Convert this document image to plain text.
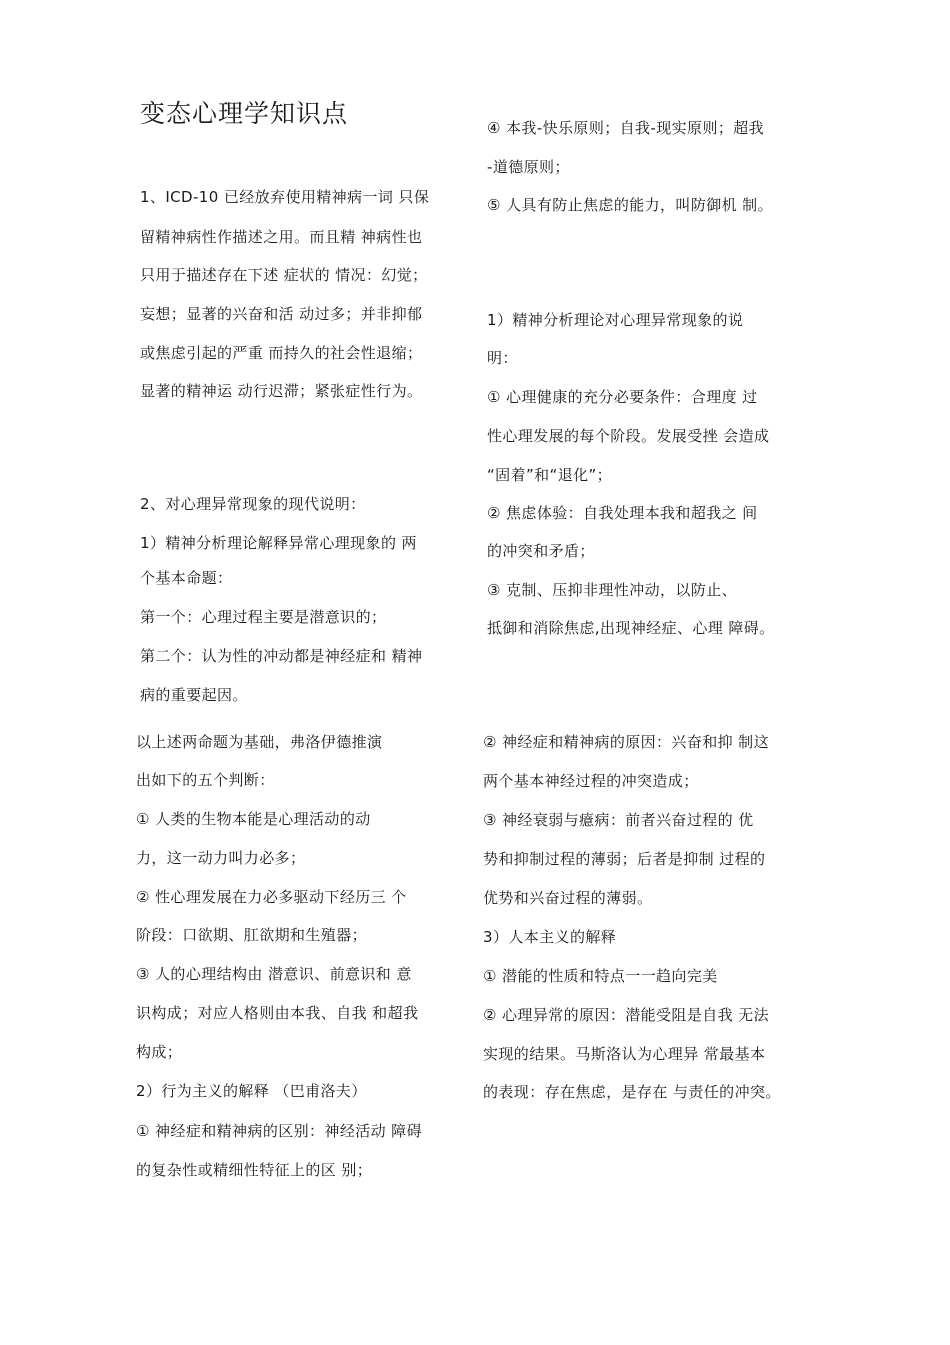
变态心理学知识点
1、ICD-10 已经放弃使用精神病一词 只保
留精神病性作描述之用。而且精 神病性也
只用于描述存在下述 症状的 情况：幻觉；
妄想；显著的兴奋和活 动过多；并非抑郁
或焦虑引起的严重 而持久的社会性退缩；
显著的精神运 动行迟滞；紧张症性行为。
2、对心理异常现象的现代说明：
1）精神分析理论解释异常心理现象的 两
个基本命题：
第一个：心理过程主要是潜意识的；
第二个：认为性的冲动都是神经症和 精神
病的重要起因。
④ 本我-快乐原则；自我-现实原则；超我
-道德原则；
⑤ 人具有防止焦虑的能力，叫防御机 制。
1）精神分析理论对心理异常现象的说
明：
① 心理健康的充分必要条件：合理度 过
性心理发展的每个阶段。发展受挫 会造成
“固着”和“退化”；
② 焦虑体验：自我处理本我和超我之 间
的冲突和矛盾；
③ 克制、压抑非理性冲动，以防止、
抵御和消除焦虑,出现神经症、心理 障碍。
以上述两命题为基础，弗洛伊德推演
出如下的五个判断：
① 人类的生物本能是心理活动的动
力，这一动力叫力必多；
② 性心理发展在力必多驱动下经历三 个
阶段：口欲期、肛欲期和生殖器；
③ 人的心理结构由 潜意识、前意识和 意
识构成；对应人格则由本我、自我 和超我
构成；
2）行为主义的解释 （巴甫洛夫）
① 神经症和精神病的区别：神经活动 障碍
的复杂性或精细性特征上的区 别；
② 神经症和精神病的原因：兴奋和抑 制这
两个基本神经过程的冲突造成；
③ 神经衰弱与癔病：前者兴奋过程的 优
势和抑制过程的薄弱；后者是抑制 过程的
优势和兴奋过程的薄弱。
3）人本主义的解释
① 潜能的性质和特点一一趋向完美
② 心理异常的原因：潜能受阻是自我 无法
实现的结果。马斯洛认为心理异 常最基本
的表现：存在焦虑，是存在 与责任的冲突。
